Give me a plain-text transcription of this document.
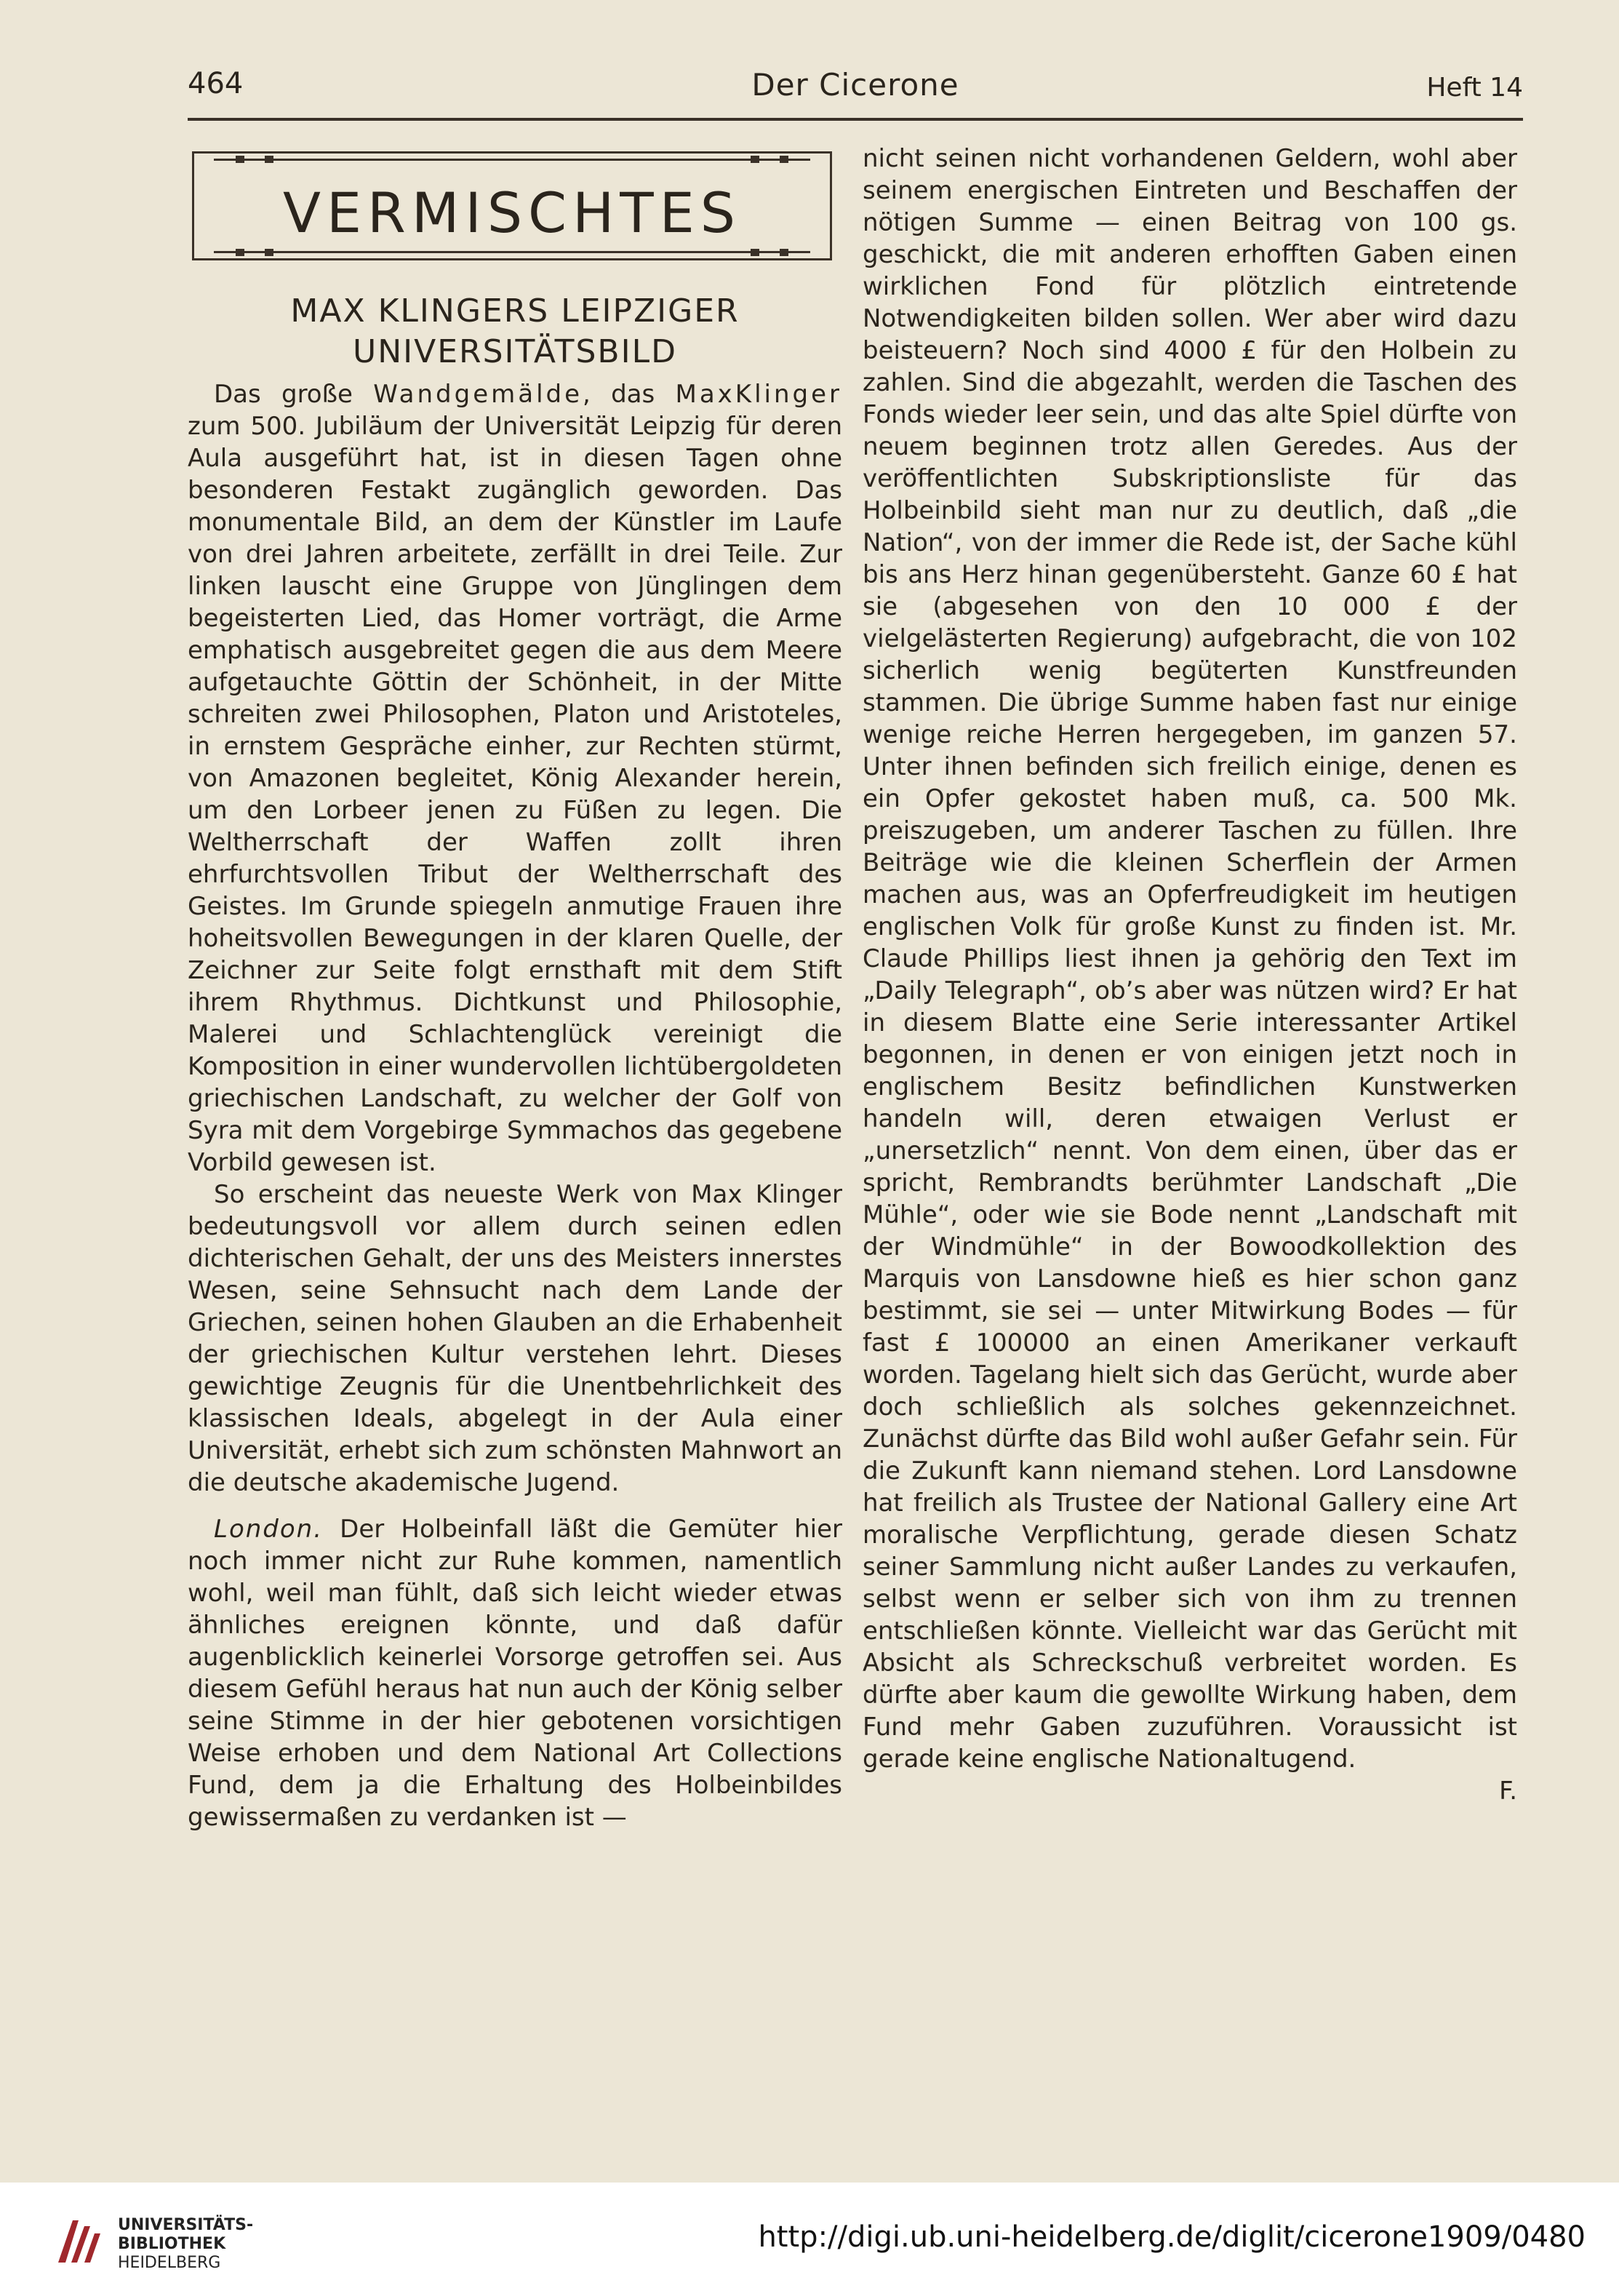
464	Der Cicerone	Heft 14
VERMISCHTES
MAX KLINGERS LEIPZIGER
UNIVERSITÄTSBILD

Das große Wandgemälde, das MaxKlinger zum 500. Jubiläum der Universität Leipzig für deren Aula ausgeführt hat, ist in diesen Tagen ohne besonderen Festakt zugänglich geworden. Das monumentale Bild, an dem der Künstler im Laufe von drei Jahren arbeitete, zerfällt in drei Teile. Zur linken lauscht eine Gruppe von Jünglingen dem begeisterten Lied, das Homer vorträgt, die Arme emphatisch ausgebreitet gegen die aus dem Meere aufgetauchte Göttin der Schönheit, in der Mitte schreiten zwei Philosophen, Platon und Aristoteles, in ernstem Gespräche einher, zur Rechten stürmt, von Amazonen begleitet, König Alexander herein, um den Lorbeer jenen zu Füßen zu legen. Die Weltherrschaft der Waffen zollt ihren ehrfurchtsvollen Tribut der Weltherrschaft des Geistes. Im Grunde spiegeln anmutige Frauen ihre hoheitsvollen Bewegungen in der klaren Quelle, der Zeichner zur Seite folgt ernsthaft mit dem Stift ihrem Rhythmus. Dichtkunst und Philosophie, Malerei und Schlachtenglück vereinigt die Komposition in einer wundervollen lichtübergoldeten griechischen Landschaft, zu welcher der Golf von Syra mit dem Vorgebirge Symmachos das gegebene Vorbild gewesen ist.

So erscheint das neueste Werk von Max Klinger bedeutungsvoll vor allem durch seinen edlen dichterischen Gehalt, der uns des Meisters innerstes Wesen, seine Sehnsucht nach dem Lande der Griechen, seinen hohen Glauben an die Erhabenheit der griechischen Kultur verstehen lehrt. Dieses gewichtige Zeugnis für die Unentbehrlichkeit des klassischen Ideals, abgelegt in der Aula einer Universität, erhebt sich zum schönsten Mahnwort an die deutsche akademische Jugend.

London. Der Holbeinfall läßt die Gemüter hier noch immer nicht zur Ruhe kommen, namentlich wohl, weil man fühlt, daß sich leicht wieder etwas ähnliches ereignen könnte, und daß dafür augenblicklich keinerlei Vorsorge getroffen sei. Aus diesem Gefühl heraus hat nun auch der König selber seine Stimme in der hier gebotenen vorsichtigen Weise erhoben und dem National Art Collections Fund, dem ja die Erhaltung des Holbeinbildes gewissermaßen zu verdanken ist —

nicht seinen nicht vorhandenen Geldern, wohl aber seinem energischen Eintreten und Beschaffen der nötigen Summe — einen Beitrag von 100 gs. geschickt, die mit anderen erhofften Gaben einen wirklichen Fond für plötzlich eintretende Notwendigkeiten bilden sollen. Wer aber wird dazu beisteuern? Noch sind 4000 £ für den Holbein zu zahlen. Sind die abgezahlt, werden die Taschen des Fonds wieder leer sein, und das alte Spiel dürfte von neuem beginnen trotz allen Geredes. Aus der veröffentlichten Subskriptionsliste für das Holbeinbild sieht man nur zu deutlich, daß „die Nation“, von der immer die Rede ist, der Sache kühl bis ans Herz hinan gegenübersteht. Ganze 60 £ hat sie (abgesehen von den 10 000 £ der vielgelästerten Regierung) aufgebracht, die von 102 sicherlich wenig begüterten Kunstfreunden stammen. Die übrige Summe haben fast nur einige wenige reiche Herren hergegeben, im ganzen 57. Unter ihnen befinden sich freilich einige, denen es ein Opfer gekostet haben muß, ca. 500 Mk. preiszugeben, um anderer Taschen zu füllen. Ihre Beiträge wie die kleinen Scherflein der Armen machen aus, was an Opferfreudigkeit im heutigen englischen Volk für große Kunst zu finden ist. Mr. Claude Phillips liest ihnen ja gehörig den Text im „Daily Telegraph“, ob’s aber was nützen wird? Er hat in diesem Blatte eine Serie interessanter Artikel begonnen, in denen er von einigen jetzt noch in englischem Besitz befindlichen Kunstwerken handeln will, deren etwaigen Verlust er „unersetzlich“ nennt. Von dem einen, über das er spricht, Rembrandts berühmter Landschaft „Die Mühle“, oder wie sie Bode nennt „Landschaft mit der Windmühle“ in der Bowoodkollektion des Marquis von Lansdowne hieß es hier schon ganz bestimmt, sie sei — unter Mitwirkung Bodes — für fast £ 100000 an einen Amerikaner verkauft worden. Tagelang hielt sich das Gerücht, wurde aber doch schließlich als solches gekennzeichnet. Zunächst dürfte das Bild wohl außer Gefahr sein. Für die Zukunft kann niemand stehen. Lord Lansdowne hat freilich als Trustee der National Gallery eine Art moralische Verpflichtung, gerade diesen Schatz seiner Sammlung nicht außer Landes zu verkaufen, selbst wenn er selber sich von ihm zu trennen entschließen könnte. Vielleicht war das Gerücht mit Absicht als Schreckschuß verbreitet worden. Es dürfte aber kaum die gewollte Wirkung haben, dem Fund mehr Gaben zuzuführen. Voraussicht ist gerade keine englische Nationaltugend.

F.

UNIVERSITÄTS-
BIBLIOTHEK
HEIDELBERG
http://digi.ub.uni-heidelberg.de/diglit/cicerone1909/0480
